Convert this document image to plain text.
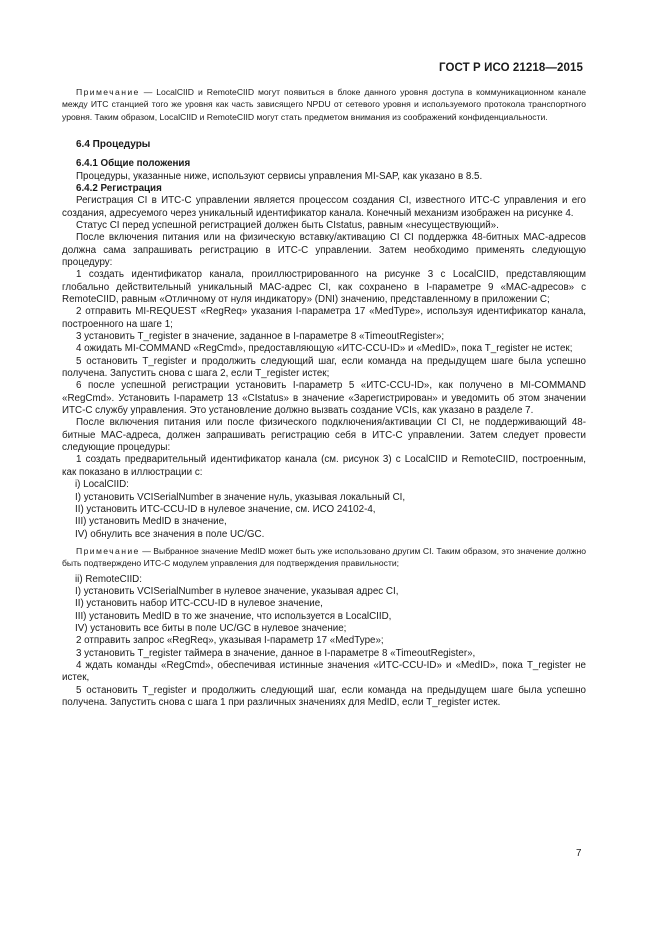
ГОСТ Р ИСО 21218—2015

Примечание — LocalCIID и RemoteCIID могут появиться в блоке данного уровня доступа в коммуникационном канале между ИТС станцией того же уровня как часть зависящего NPDU от сетевого уровня и используемого протокола транспортного уровня. Таким образом, LocalCIID и RemoteCIID могут стать предметом внимания из соображений конфиденциальности.

6.4 Процедуры
6.4.1 Общие положения

Процедуры, указанные ниже, используют сервисы управления MI-SAP, как указано в 8.5.

6.4.2 Регистрация

Регистрация CI в ИТС-С управлении является процессом создания CI, известного ИТС-С управления и его создания, адресуемого через уникальный идентификатор канала. Конечный механизм изображен на рисунке 4.

Статус CI перед успешной регистрацией должен быть CIstatus, равным «несуществующий».

После включения питания или на физическую вставку/активацию CI CI поддержка 48-битных MAC-адресов должна сама запрашивать регистрацию в ИТС-С управлении. Затем необходимо применять следующую процедуру:

1 создать идентификатор канала, проиллюстрированного на рисунке 3 с LocalCIID, представляющим глобально действительный уникальный MAC-адрес CI, как сохранено в I-параметре 9 «MAC-адресов» с RemoteCIID, равным «Отличному от нуля индикатору» (DNI) значению, представленному в приложении С;

2 отправить MI-REQUEST «RegReq» указания I-параметра 17 «MedType», используя идентификатор канала, построенного на шаге 1;

3 установить T_register в значение, заданное в I-параметре 8 «TimeoutRegister»;

4 ожидать MI-COMMAND «RegCmd», предоставляющую «ИТС-CCU-ID» и «MedID», пока T_register не истек;

5 остановить T_register и продолжить следующий шаг, если команда на предыдущем шаге была успешно получена. Запустить снова с шага 2, если T_register истек;

6 после успешной регистрации установить I-параметр 5 «ИТС-CCU-ID», как получено в MI-COMMAND «RegCmd». Установить I-параметр 13 «CIstatus» в значение «Зарегистрирован» и уведомить об этом значении ИТС-С службу управления. Это установление должно вызвать создание VCIs, как указано в разделе 7.

После включения питания или после физического подключения/активации CI CI, не поддерживающий 48-битные MAC-адреса, должен запрашивать регистрацию себя в ИТС-С управлении. Затем следует провести следующие процедуры:

1 создать предварительный идентификатор канала (см. рисунок 3) с LocalCIID и RemoteCIID, построенным, как показано в иллюстрации с:

i) LocalCIID:

I) установить VCISerialNumber в значение нуль, указывая локальный CI,

II) установить ИТС-CCU-ID в нулевое значение, см. ИСО 24102-4,

III) установить MedID в значение,

IV) обнулить все значения в поле UC/GC.

Примечание — Выбранное значение MedID может быть уже использовано другим CI. Таким образом, это значение должно быть подтверждено ИТС-С модулем управления для подтверждения правильности;

ii) RemoteCIID:

I) установить VCISerialNumber в нулевое значение, указывая адрес CI,

II) установить набор ИТС-CCU-ID в нулевое значение,

III) установить MedID в то же значение, что используется в LocalCIID,

IV) установить все биты в поле UC/GC в нулевое значение;

2 отправить запрос «RegReq», указывая I-параметр 17 «MedType»;

3 установить T_register таймера в значение, данное в I-параметре 8 «TimeoutRegister»,

4 ждать команды «RegCmd», обеспечивая истинные значения «ИТС-CCU-ID» и «MedID», пока T_register не истек,

5 остановить T_register и продолжить следующий шаг, если команда на предыдущем шаге была успешно получена. Запустить снова с шага 1 при различных значениях для MedID, если T_register истек.

7
